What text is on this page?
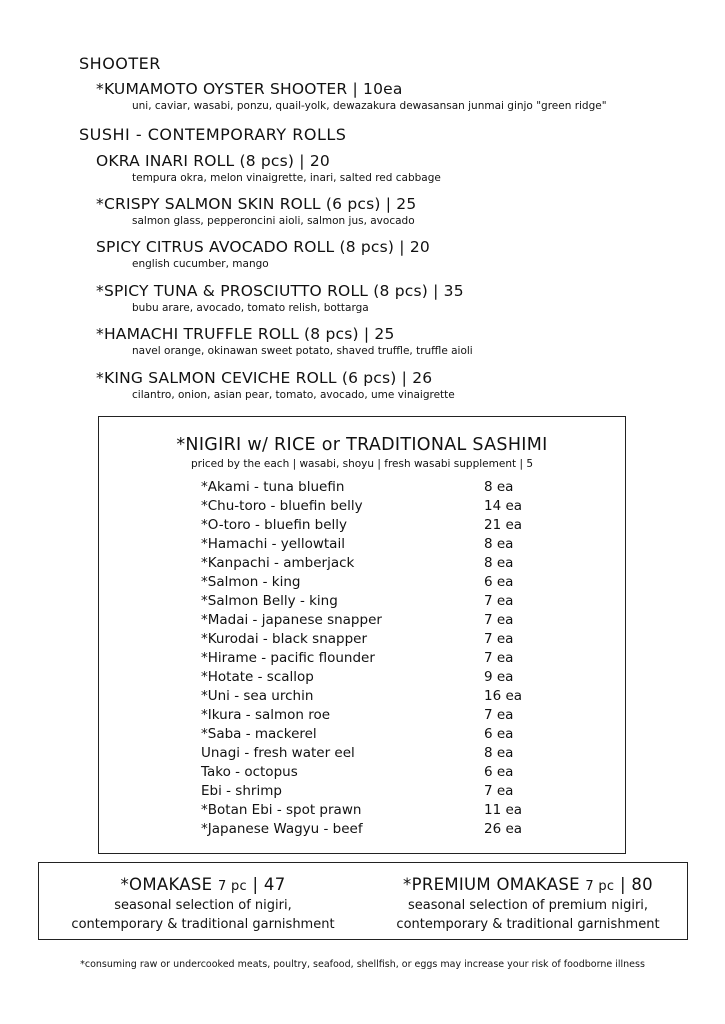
SHOOTER
*KUMAMOTO OYSTER SHOOTER | 10ea
uni, caviar, wasabi, ponzu, quail-yolk, dewazakura dewasansan junmai ginjo "green ridge"
SUSHI - CONTEMPORARY ROLLS
OKRA INARI ROLL (8 pcs) | 20
tempura okra, melon vinaigrette, inari, salted red cabbage
*CRISPY SALMON SKIN ROLL (6 pcs) | 25
salmon glass, pepperoncini aioli, salmon jus, avocado
SPICY CITRUS AVOCADO ROLL (8 pcs) | 20
english cucumber, mango
*SPICY TUNA & PROSCIUTTO ROLL (8 pcs) | 35
bubu arare, avocado, tomato relish, bottarga
*HAMACHI TRUFFLE ROLL (8 pcs) | 25
navel orange, okinawan sweet potato, shaved truffle, truffle aioli
*KING SALMON CEVICHE ROLL (6 pcs) | 26
cilantro, onion, asian pear, tomato, avocado, ume vinaigrette
*NIGIRI w/ RICE or TRADITIONAL SASHIMI
priced by the each | wasabi, shoyu | fresh wasabi supplement | 5
*Akami - tuna bluefin	8 ea
*Chu-toro - bluefin belly	14 ea
*O-toro - bluefin belly	21 ea
*Hamachi - yellowtail	8 ea
*Kanpachi - amberjack	8 ea
*Salmon - king	6 ea
*Salmon Belly - king	7 ea
*Madai - japanese snapper	7 ea
*Kurodai - black snapper	7 ea
*Hirame - pacific flounder	7 ea
*Hotate - scallop	9 ea
*Uni - sea urchin	16 ea
*Ikura - salmon roe	7 ea
*Saba - mackerel	6 ea
Unagi - fresh water eel	8 ea
Tako - octopus	6 ea
Ebi - shrimp	7 ea
*Botan Ebi - spot prawn	11 ea
*Japanese Wagyu - beef	26 ea
*OMAKASE 7 pc | 47
seasonal selection of nigiri,
contemporary & traditional garnishment
*PREMIUM OMAKASE 7 pc | 80
seasonal selection of premium nigiri,
contemporary & traditional garnishment
*consuming raw or undercooked meats, poultry, seafood, shellfish, or eggs may increase your risk of foodborne illness
